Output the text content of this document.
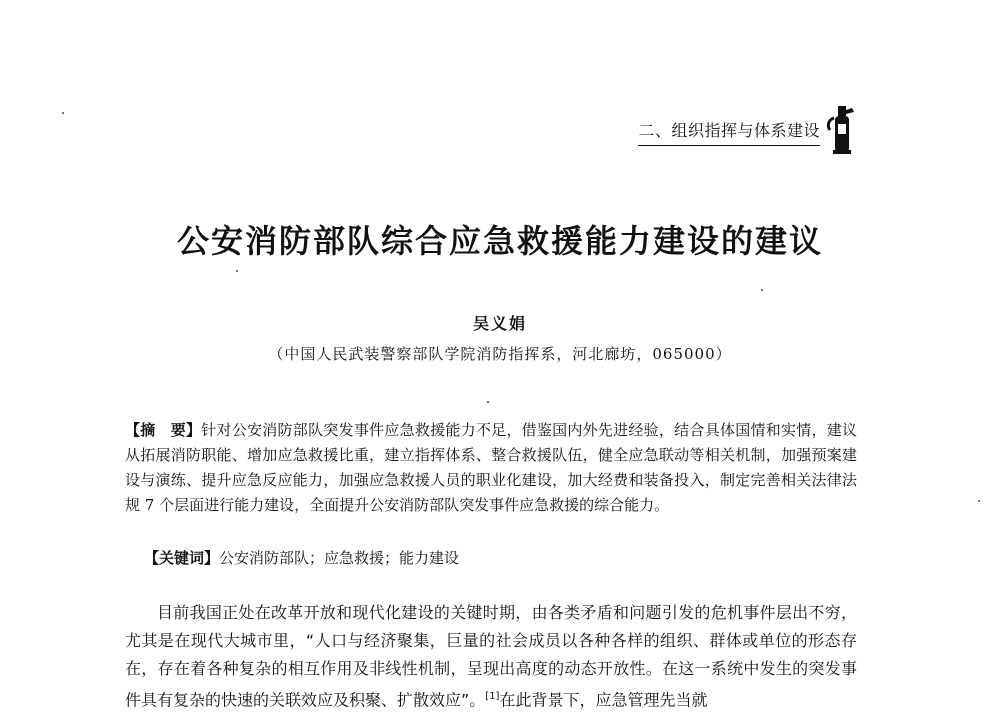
二、组织指挥与体系建设
公安消防部队综合应急救援能力建设的建议
吴义娟
（中国人民武装警察部队学院消防指挥系，河北廊坊，065000）
【摘　要】针对公安消防部队突发事件应急救援能力不足，借鉴国内外先进经验，结合具体国情和实情，建议从拓展消防职能、增加应急救援比重，建立指挥体系、整合救援队伍，健全应急联动等相关机制，加强预案建设与演练、提升应急反应能力，加强应急救援人员的职业化建设，加大经费和装备投入，制定完善相关法律法规 7 个层面进行能力建设，全面提升公安消防部队突发事件应急救援的综合能力。
【关键词】公安消防部队；应急救援；能力建设
目前我国正处在改革开放和现代化建设的关键时期，由各类矛盾和问题引发的危机事件层出不穷，尤其是在现代大城市里，“人口与经济聚集，巨量的社会成员以各种各样的组织、群体或单位的形态存在，存在着各种复杂的相互作用及非线性机制，呈现出高度的动态开放性。在这一系统中发生的突发事件具有复杂的快速的关联效应及积聚、扩散效应”。[1]在此背景下，应急管理先当就
